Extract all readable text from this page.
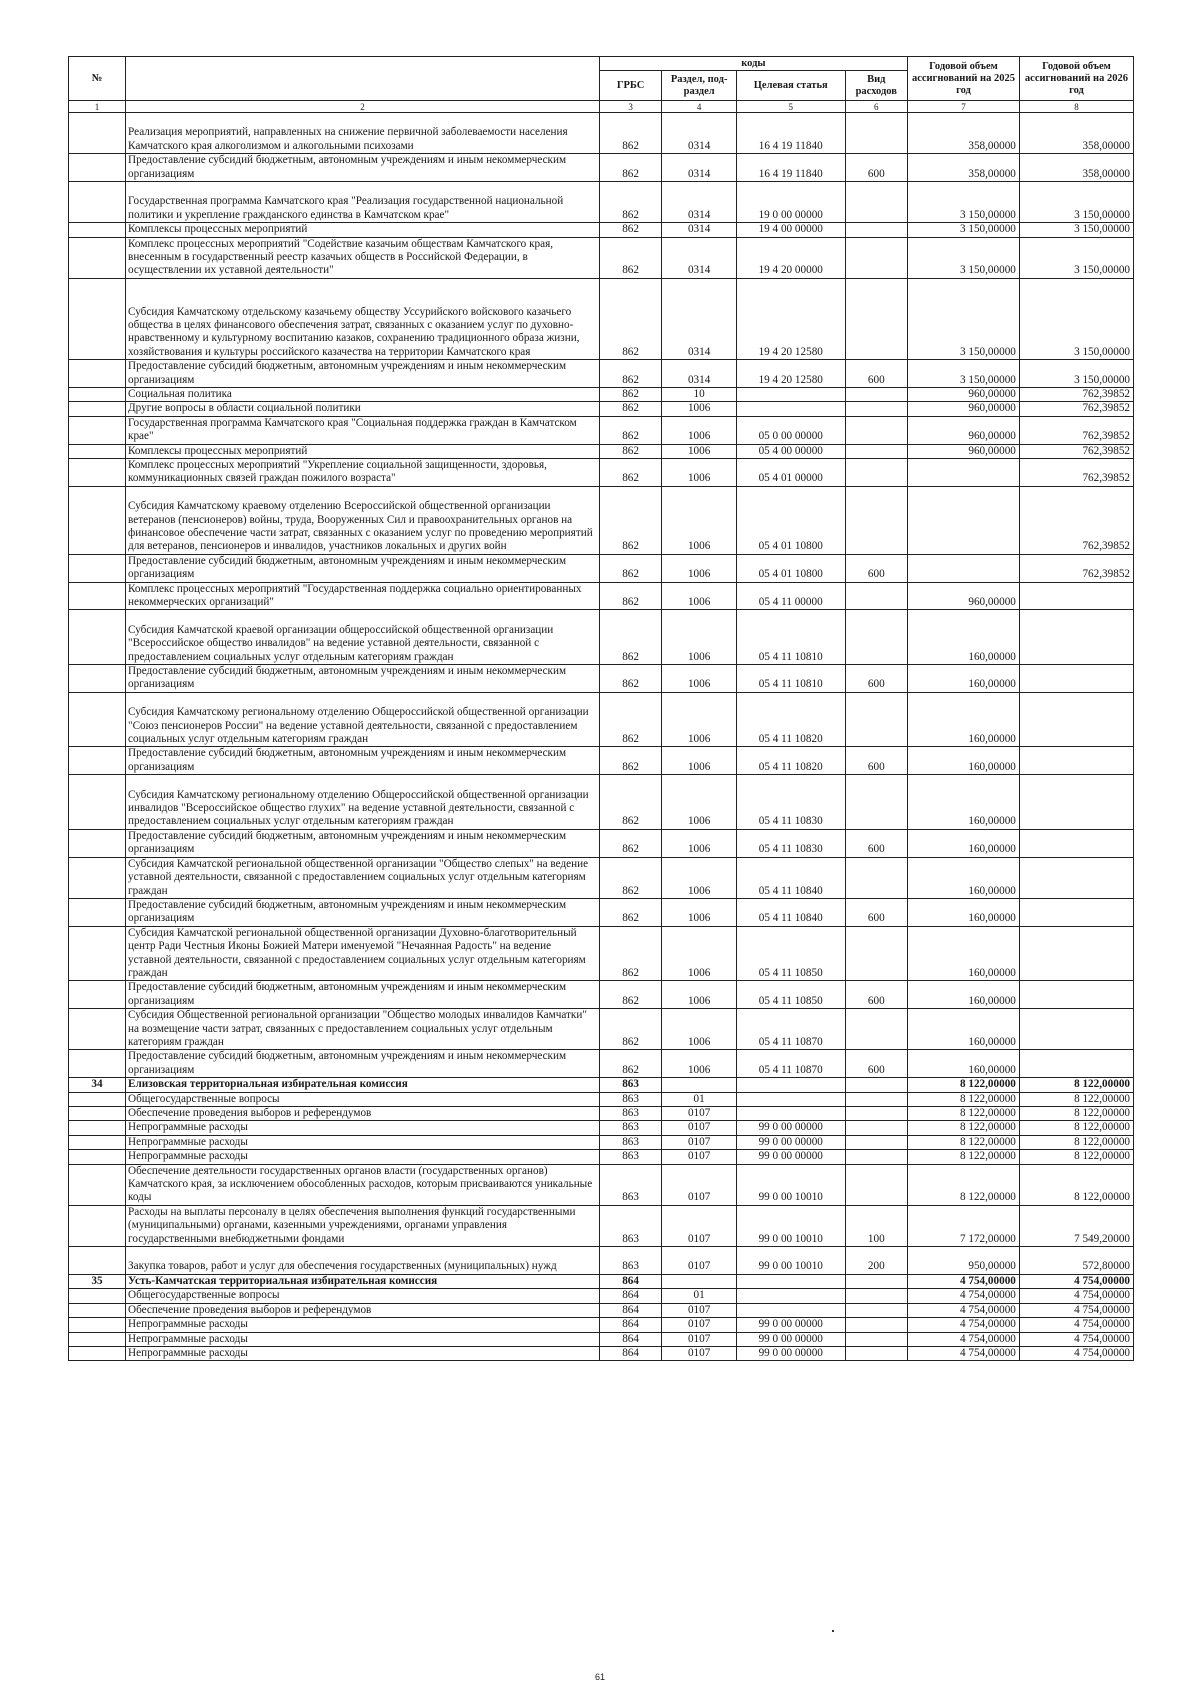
№		коды				Годовой объем ассигнований на 2025 год	Годовой объем ассигнований на 2026 год
		ГРБС	Раздел, под-раздел	Целевая статья	Вид расходов		
1	2	3	4	5	6	7	8
	Реализация мероприятий, направленных на снижение первичной заболеваемости населения Камчатского края алкоголизмом и алкогольными психозами	862	0314	16 4 19 11840		358,00000	358,00000
	Предоставление субсидий бюджетным, автономным учреждениям и иным некоммерческим организациям	862	0314	16 4 19 11840	600	358,00000	358,00000
	Государственная программа Камчатского края "Реализация государственной национальной политики и укрепление гражданского единства в Камчатском крае"	862	0314	19 0 00 00000		3 150,00000	3 150,00000
	Комплексы процессных мероприятий	862	0314	19 4 00 00000		3 150,00000	3 150,00000
	Комплекс процессных мероприятий "Содействие казачьим обществам Камчатского края, внесенным в государственный реестр казачьих обществ в Российской Федерации, в осуществлении их уставной деятельности"	862	0314	19 4 20 00000		3 150,00000	3 150,00000
	Субсидия Камчатскому отдельскому казачьему обществу Уссурийского войскового казачьего общества в целях финансового обеспечения затрат, связанных с оказанием услуг по духовно-нравственному и культурному воспитанию казаков, сохранению традиционного образа жизни, хозяйствования и культуры российского казачества на территории Камчатского края	862	0314	19 4 20 12580		3 150,00000	3 150,00000
	Предоставление субсидий бюджетным, автономным учреждениям и иным некоммерческим организациям	862	0314	19 4 20 12580	600	3 150,00000	3 150,00000
	Социальная политика	862	10			960,00000	762,39852
	Другие вопросы в области социальной политики	862	1006			960,00000	762,39852
	Государственная программа Камчатского края "Социальная поддержка граждан в Камчатском крае"	862	1006	05 0 00 00000		960,00000	762,39852
	Комплексы процессных мероприятий	862	1006	05 4 00 00000		960,00000	762,39852
	Комплекс процессных мероприятий "Укрепление социальной защищенности, здоровья, коммуникационных связей граждан пожилого возраста"	862	1006	05 4 01 00000			762,39852
	Субсидия Камчатскому краевому отделению Всероссийской общественной организации ветеранов (пенсионеров) войны, труда, Вооруженных Сил и правоохранительных органов на финансовое обеспечение части затрат, связанных с оказанием услуг по проведению мероприятий для ветеранов, пенсионеров и инвалидов, участников локальных и других войн	862	1006	05 4 01 10800			762,39852
	Предоставление субсидий бюджетным, автономным учреждениям и иным некоммерческим организациям	862	1006	05 4 01 10800	600		762,39852
	Комплекс процессных мероприятий "Государственная поддержка социально ориентированных некоммерческих организаций"	862	1006	05 4 11 00000		960,00000	
	Субсидия Камчатской краевой организации общероссийской общественной организации "Всероссийское общество инвалидов" на ведение уставной деятельности, связанной с предоставлением социальных услуг отдельным категориям граждан	862	1006	05 4 11 10810		160,00000	
	Предоставление субсидий бюджетным, автономным учреждениям и иным некоммерческим организациям	862	1006	05 4 11 10810	600	160,00000	
	Субсидия Камчатскому региональному отделению Общероссийской общественной организации "Союз пенсионеров России" на ведение уставной деятельности, связанной с предоставлением социальных услуг отдельным категориям граждан	862	1006	05 4 11 10820		160,00000	
	Предоставление субсидий бюджетным, автономным учреждениям и иным некоммерческим организациям	862	1006	05 4 11 10820	600	160,00000	
	Субсидия Камчатскому региональному отделению Общероссийской общественной организации инвалидов "Всероссийское общество глухих" на ведение уставной деятельности, связанной с предоставлением социальных услуг отдельным категориям граждан	862	1006	05 4 11 10830		160,00000	
	Предоставление субсидий бюджетным, автономным учреждениям и иным некоммерческим организациям	862	1006	05 4 11 10830	600	160,00000	
	Субсидия Камчатской региональной общественной организации "Общество слепых" на ведение уставной деятельности, связанной с предоставлением социальных услуг отдельным категориям граждан	862	1006	05 4 11 10840		160,00000	
	Предоставление субсидий бюджетным, автономным учреждениям и иным некоммерческим организациям	862	1006	05 4 11 10840	600	160,00000	
	Субсидия Камчатской региональной общественной организации Духовно-благотворительный центр Ради Честныя Иконы Божией Матери именуемой "Нечаянная Радость" на ведение уставной деятельности, связанной с предоставлением социальных услуг отдельным категориям граждан	862	1006	05 4 11 10850		160,00000	
	Предоставление субсидий бюджетным, автономным учреждениям и иным некоммерческим организациям	862	1006	05 4 11 10850	600	160,00000	
	Субсидия Общественной региональной организации "Общество молодых инвалидов Камчатки" на возмещение части затрат, связанных с предоставлением социальных услуг отдельным категориям граждан	862	1006	05 4 11 10870		160,00000	
	Предоставление субсидий бюджетным, автономным учреждениям и иным некоммерческим организациям	862	1006	05 4 11 10870	600	160,00000	
34	Елизовская территориальная избирательная комиссия	863				8 122,00000	8 122,00000
	Общегосударственные вопросы	863	01			8 122,00000	8 122,00000
	Обеспечение проведения выборов и референдумов	863	0107			8 122,00000	8 122,00000
	Непрограммные расходы	863	0107	99 0 00 00000		8 122,00000	8 122,00000
	Непрограммные расходы	863	0107	99 0 00 00000		8 122,00000	8 122,00000
	Непрограммные расходы	863	0107	99 0 00 00000		8 122,00000	8 122,00000
	Обеспечение деятельности государственных органов власти (государственных органов) Камчатского края, за исключением обособленных расходов, которым присваиваются уникальные коды	863	0107	99 0 00 10010		8 122,00000	8 122,00000
	Расходы на выплаты персоналу в целях обеспечения выполнения функций государственными (муниципальными) органами, казенными учреждениями, органами управления государственными внебюджетными фондами	863	0107	99 0 00 10010	100	7 172,00000	7 549,20000
	Закупка товаров, работ и услуг для обеспечения государственных (муниципальных) нужд	863	0107	99 0 00 10010	200	950,00000	572,80000
35	Усть-Камчатская территориальная избирательная комиссия	864				4 754,00000	4 754,00000
	Общегосударственные вопросы	864	01			4 754,00000	4 754,00000
	Обеспечение проведения выборов и референдумов	864	0107			4 754,00000	4 754,00000
	Непрограммные расходы	864	0107	99 0 00 00000		4 754,00000	4 754,00000
	Непрограммные расходы	864	0107	99 0 00 00000		4 754,00000	4 754,00000
	Непрограммные расходы	864	0107	99 0 00 00000		4 754,00000	4 754,00000
61
